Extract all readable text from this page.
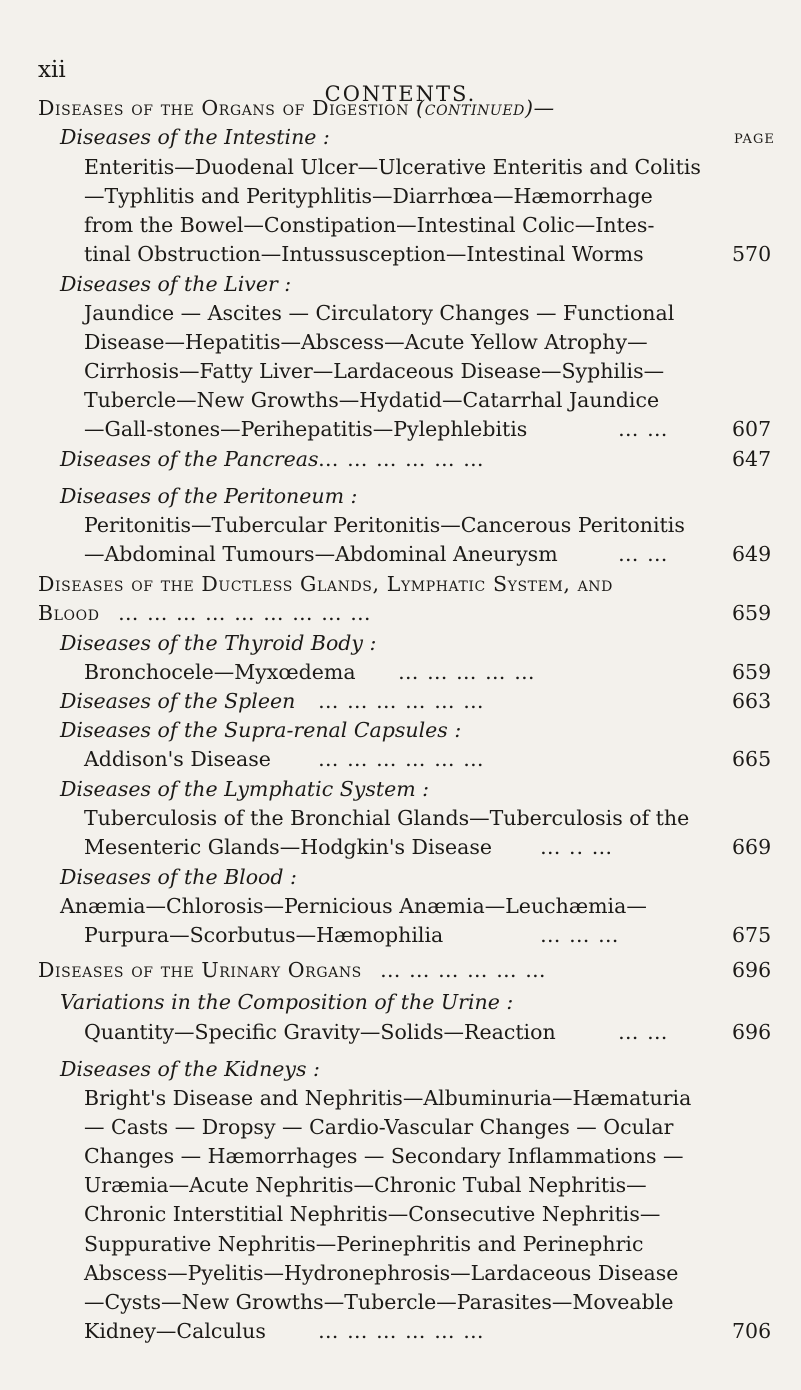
xii
CONTENTS.
PAGE
Diseases of the Organs of Digestion (continued)—
Diseases of the Intestine :
Enteritis—Duodenal Ulcer—Ulcerative Enteritis and Colitis
—Typhlitis and Perityphlitis—Diarrhœa—Hæmorrhage
from the Bowel—Constipation—Intestinal Colic—Intes-
tinal Obstruction—Intussusception—Intestinal Worms	570
Diseases of the Liver :
Jaundice — Ascites — Circulatory Changes — Functional
Disease—Hepatitis—Abscess—Acute Yellow Atrophy—
Cirrhosis—Fatty Liver—Lardaceous Disease—Syphilis—
Tubercle—New Growths—Hydatid—Catarrhal Jaundice
—Gall-stones—Perihepatitis—Pylephlebitis	… …	607
Diseases of the Pancreas … … … … … …	647
Diseases of the Peritoneum :
Peritonitis—Tubercular Peritonitis—Cancerous Peritonitis
—Abdominal Tumours—Abdominal Aneurysm	… …	649
Diseases of the Ductless Glands, Lymphatic System, and
Blood … … … … … … … … …	659
Diseases of the Thyroid Body :
Bronchocele—Myxœdema … … … … …	659
Diseases of the Spleen … … … … … …	663
Diseases of the Supra-renal Capsules :
Addison's Disease … … … … … …	665
Diseases of the Lymphatic System :
Tuberculosis of the Bronchial Glands—Tuberculosis of the
Mesenteric Glands—Hodgkin's Disease … .. …	669
Diseases of the Blood :
Anæmia—Chlorosis—Pernicious Anæmia—Leuchæmia—
Purpura—Scorbutus—Hæmophilia	… … …	675
Diseases of the Urinary Organs … … … … … …	696
Variations in the Composition of the Urine :
Quantity—Specific Gravity—Solids—Reaction	… …	696
Diseases of the Kidneys :
Bright's Disease and Nephritis—Albuminuria—Hæmaturia
— Casts — Dropsy — Cardio-Vascular Changes — Ocular
Changes — Hæmorrhages — Secondary Inflammations —
Uræmia—Acute Nephritis—Chronic Tubal Nephritis—
Chronic Interstitial Nephritis—Consecutive Nephritis—
Suppurative Nephritis—Perinephritis and Perinephric
Abscess—Pyelitis—Hydronephrosis—Lardaceous Disease
—Cysts—New Growths—Tubercle—Parasites—Moveable
Kidney—Calculus	… … … … … …	706
